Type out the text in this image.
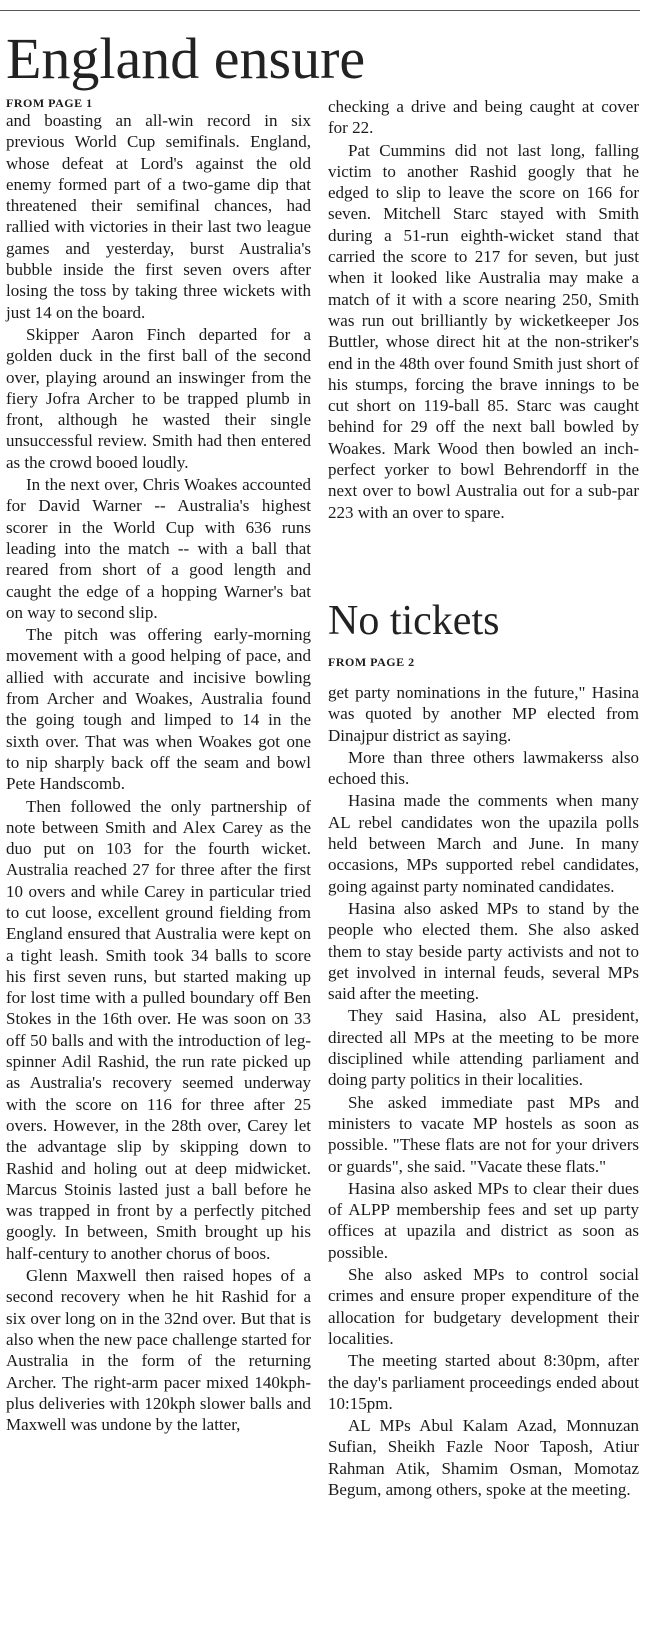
England ensure
FROM PAGE 1

and boasting an all-win record in six previous World Cup semifinals. England, whose defeat at Lord's against the old enemy formed part of a two-game dip that threatened their semifinal chances, had rallied with victories in their last two league games and yesterday, burst Australia's bubble inside the first seven overs after losing the toss by taking three wickets with just 14 on the board.

Skipper Aaron Finch departed for a golden duck in the first ball of the second over, playing around an inswinger from the fiery Jofra Archer to be trapped plumb in front, although he wasted their single unsuccessful review. Smith had then entered as the crowd booed loudly.

In the next over, Chris Woakes accounted for David Warner -- Australia's highest scorer in the World Cup with 636 runs leading into the match -- with a ball that reared from short of a good length and caught the edge of a hopping Warner's bat on way to second slip.

The pitch was offering early-morning movement with a good helping of pace, and allied with accurate and incisive bowling from Archer and Woakes, Australia found the going tough and limped to 14 in the sixth over. That was when Woakes got one to nip sharply back off the seam and bowl Pete Handscomb.

Then followed the only partnership of note between Smith and Alex Carey as the duo put on 103 for the fourth wicket. Australia reached 27 for three after the first 10 overs and while Carey in particular tried to cut loose, excellent ground fielding from England ensured that Australia were kept on a tight leash. Smith took 34 balls to score his first seven runs, but started making up for lost time with a pulled boundary off Ben Stokes in the 16th over. He was soon on 33 off 50 balls and with the introduction of leg-spinner Adil Rashid, the run rate picked up as Australia's recovery seemed underway with the score on 116 for three after 25 overs. However, in the 28th over, Carey let the advantage slip by skipping down to Rashid and holing out at deep midwicket. Marcus Stoinis lasted just a ball before he was trapped in front by a perfectly pitched googly. In between, Smith brought up his half-century to another chorus of boos.

Glenn Maxwell then raised hopes of a second recovery when he hit Rashid for a six over long on in the 32nd over. But that is also when the new pace challenge started for Australia in the form of the returning Archer. The right-arm pacer mixed 140kph-plus deliveries with 120kph slower balls and Maxwell was undone by the latter,

checking a drive and being caught at cover for 22.

Pat Cummins did not last long, falling victim to another Rashid googly that he edged to slip to leave the score on 166 for seven. Mitchell Starc stayed with Smith during a 51-run eighth-wicket stand that carried the score to 217 for seven, but just when it looked like Australia may make a match of it with a score nearing 250, Smith was run out brilliantly by wicketkeeper Jos Buttler, whose direct hit at the non-striker's end in the 48th over found Smith just short of his stumps, forcing the brave innings to be cut short on 119-ball 85. Starc was caught behind for 29 off the next ball bowled by Woakes. Mark Wood then bowled an inch-perfect yorker to bowl Behrendorff in the next over to bowl Australia out for a sub-par 223 with an over to spare.

No tickets
FROM PAGE 2

get party nominations in the future," Hasina was quoted by another MP elected from Dinajpur district as saying.

More than three others lawmakerss also echoed this.

Hasina made the comments when many AL rebel candidates won the upazila polls held between March and June. In many occasions, MPs supported rebel candidates, going against party nominated candidates.

Hasina also asked MPs to stand by the people who elected them. She also asked them to stay beside party activists and not to get involved in internal feuds, several MPs said after the meeting.

They said Hasina, also AL president, directed all MPs at the meeting to be more disciplined while attending parliament and doing party politics in their localities.

She asked immediate past MPs and ministers to vacate MP hostels as soon as possible. "These flats are not for your drivers or guards", she said. "Vacate these flats."

Hasina also asked MPs to clear their dues of ALPP membership fees and set up party offices at upazila and district as soon as possible.

She also asked MPs to control social crimes and ensure proper expenditure of the allocation for budgetary development their localities.

The meeting started about 8:30pm, after the day's parliament proceedings ended about 10:15pm.

AL MPs Abul Kalam Azad, Monnuzan Sufian, Sheikh Fazle Noor Taposh, Atiur Rahman Atik, Shamim Osman, Momotaz Begum, among others, spoke at the meeting.
